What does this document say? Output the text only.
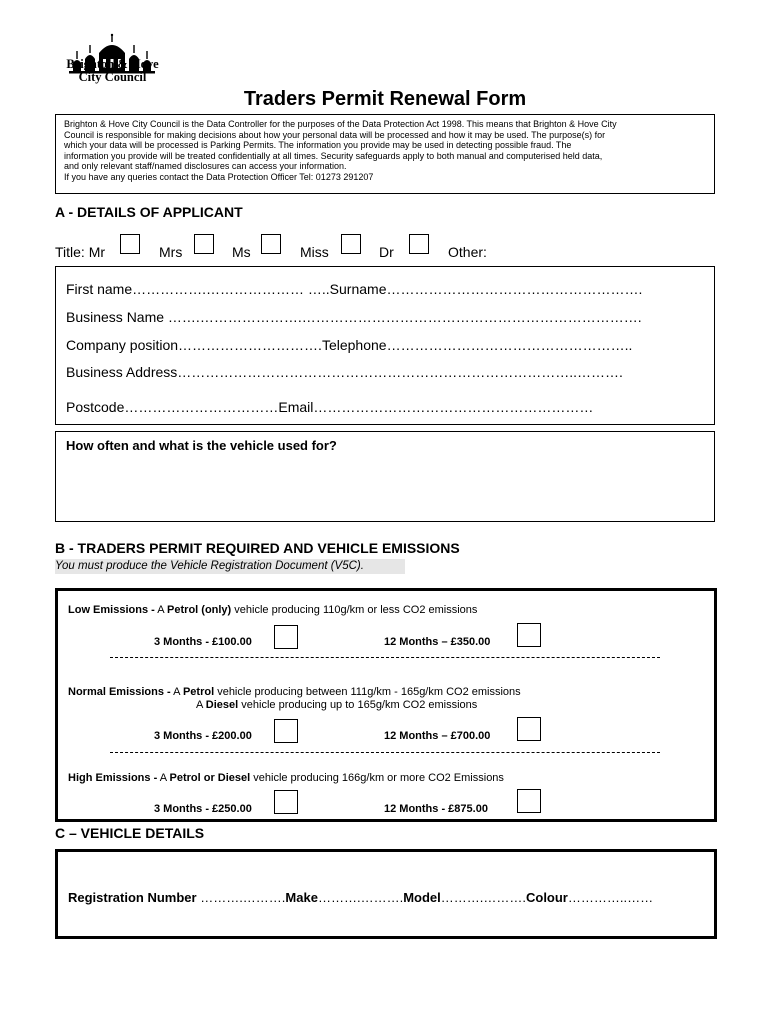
Brighton & Hove
City Council
Traders Permit Renewal Form
Brighton & Hove City Council is the Data Controller for the purposes of the Data Protection Act 1998. This means that Brighton & Hove City
Council is responsible for making decisions about how your personal data will be processed and how it may be used. The purpose(s) for
which your data will be processed is Parking Permits. The information you provide may be used in detecting possible fraud. The
information you provide will be treated confidentially at all times. Security safeguards apply to both manual and computerised held data,
and only relevant staff/named disclosures can access your information.
If you have any queries contact the Data Protection Officer Tel: 01273 291207
A - DETAILS OF APPLICANT
Title: Mr	Mrs	Ms	Miss	Dr	Other:
First name…………….………………… …..Surname……………………………………………….
Business Name …….………………….……………………………………………………………….
Company position………………………….Telephone……………………………………………..
Business Address…………………………………………………………………………..……….
Postcode……………………………Email……………………………………………………
How often and what is the vehicle used for?
B - TRADERS PERMIT REQUIRED AND VEHICLE EMISSIONS
You must produce the Vehicle Registration Document (V5C).
Low Emissions - A Petrol (only) vehicle producing 110g/km or less CO2 emissions
3 Months - £100.00	12 Months – £350.00
Normal Emissions - A Petrol vehicle producing between 111g/km - 165g/km CO2 emissions
A Diesel vehicle producing up to 165g/km CO2 emissions
3 Months - £200.00	12 Months – £700.00
High Emissions - A Petrol or Diesel vehicle producing 166g/km or more CO2 Emissions
3 Months - £250.00	12 Months - £875.00
C – VEHICLE DETAILS
Registration Number ……….……….Make……….……….Model……….……….Colour…………..……
